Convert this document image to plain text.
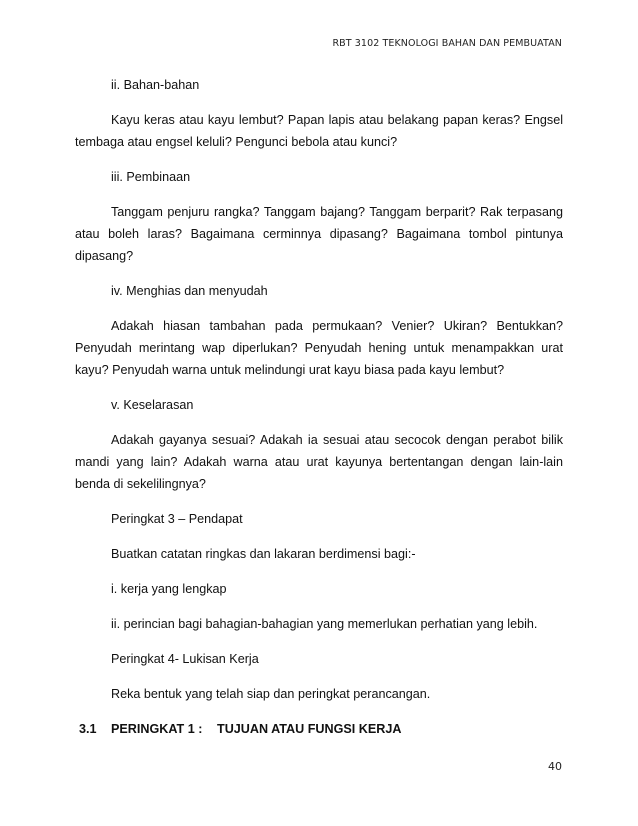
RBT 3102 TEKNOLOGI BAHAN DAN PEMBUATAN

ii. Bahan-bahan

Kayu keras atau kayu lembut? Papan lapis atau belakang papan keras? Engsel tembaga atau engsel keluli? Pengunci bebola atau kunci?

iii. Pembinaan

Tanggam penjuru rangka? Tanggam bajang? Tanggam berparit? Rak terpasang atau boleh laras? Bagaimana cerminnya dipasang? Bagaimana tombol pintunya dipasang?

iv. Menghias dan menyudah

Adakah hiasan tambahan pada permukaan? Venier? Ukiran? Bentukkan? Penyudah merintang wap diperlukan? Penyudah hening untuk menampakkan urat kayu? Penyudah warna untuk melindungi urat kayu biasa pada kayu lembut?

v. Keselarasan

Adakah gayanya sesuai? Adakah ia sesuai atau secocok dengan perabot bilik mandi yang lain? Adakah warna atau urat kayunya bertentangan dengan lain-lain benda di sekelilingnya?

Peringkat 3 – Pendapat

Buatkan catatan ringkas dan lakaran berdimensi bagi:-

i. kerja yang lengkap

ii. perincian bagi bahagian-bahagian yang memerlukan perhatian yang lebih.

Peringkat 4- Lukisan Kerja

Reka bentuk yang telah siap dan peringkat perancangan.

3.1	PERINGKAT 1 :	TUJUAN ATAU FUNGSI KERJA
40
